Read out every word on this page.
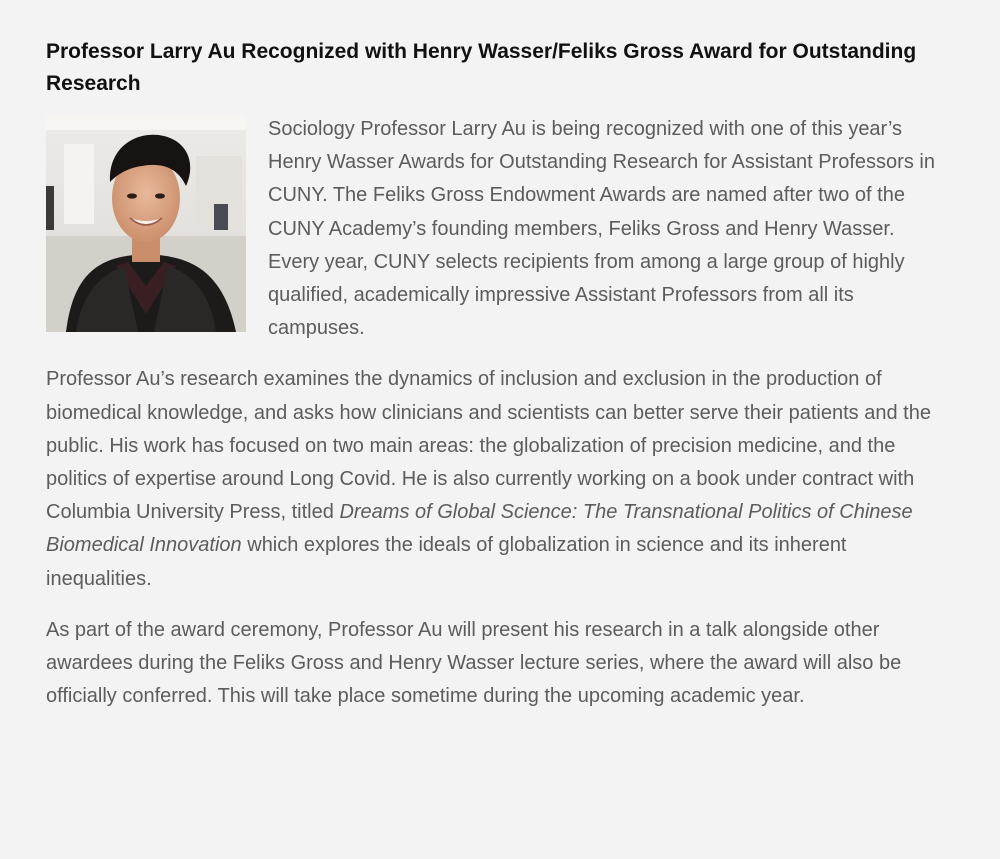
Professor Larry Au Recognized with Henry Wasser/Feliks Gross Award for Outstanding Research

Sociology Professor Larry Au is being recognized with one of this year’s Henry Wasser Awards for Outstanding Research for Assistant Professors in CUNY. The Feliks Gross Endowment Awards are named after two of the CUNY Academy’s founding members, Feliks Gross and Henry Wasser. Every year, CUNY selects recipients from among a large group of highly qualified, academically impressive Assistant Professors from all its campuses.

Professor Au’s research examines the dynamics of inclusion and exclusion in the production of biomedical knowledge, and asks how clinicians and scientists can better serve their patients and the public. His work has focused on two main areas: the globalization of precision medicine, and the politics of expertise around Long Covid. He is also currently working on a book under contract with Columbia University Press, titled Dreams of Global Science: The Transnational Politics of Chinese Biomedical Innovation which explores the ideals of globalization in science and its inherent inequalities.

As part of the award ceremony, Professor Au will present his research in a talk alongside other awardees during the Feliks Gross and Henry Wasser lecture series, where the award will also be officially conferred. This will take place sometime during the upcoming academic year.
